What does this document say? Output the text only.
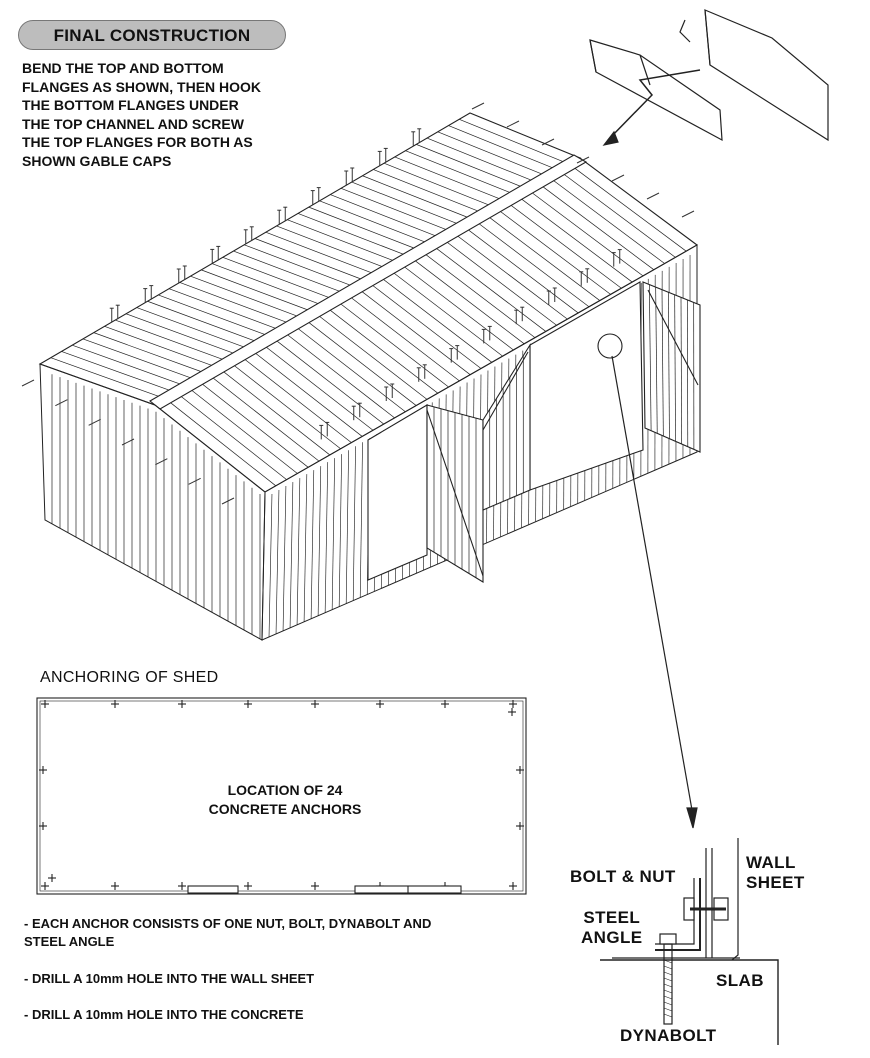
FINAL CONSTRUCTION

BEND THE TOP AND BOTTOM
FLANGES AS SHOWN, THEN HOOK
THE BOTTOM FLANGES UNDER
THE TOP CHANNEL AND SCREW
THE TOP FLANGES FOR BOTH AS
SHOWN GABLE CAPS

ANCHORING OF SHED
LOCATION OF 24
CONCRETE ANCHORS
- EACH ANCHOR CONSISTS OF ONE NUT, BOLT, DYNABOLT AND
STEEL ANGLE
- DRILL A 10mm HOLE INTO THE WALL SHEET
- DRILL A 10mm HOLE INTO THE CONCRETE
BOLT & NUT
WALL
SHEET
STEEL
ANGLE
SLAB
DYNABOLT
